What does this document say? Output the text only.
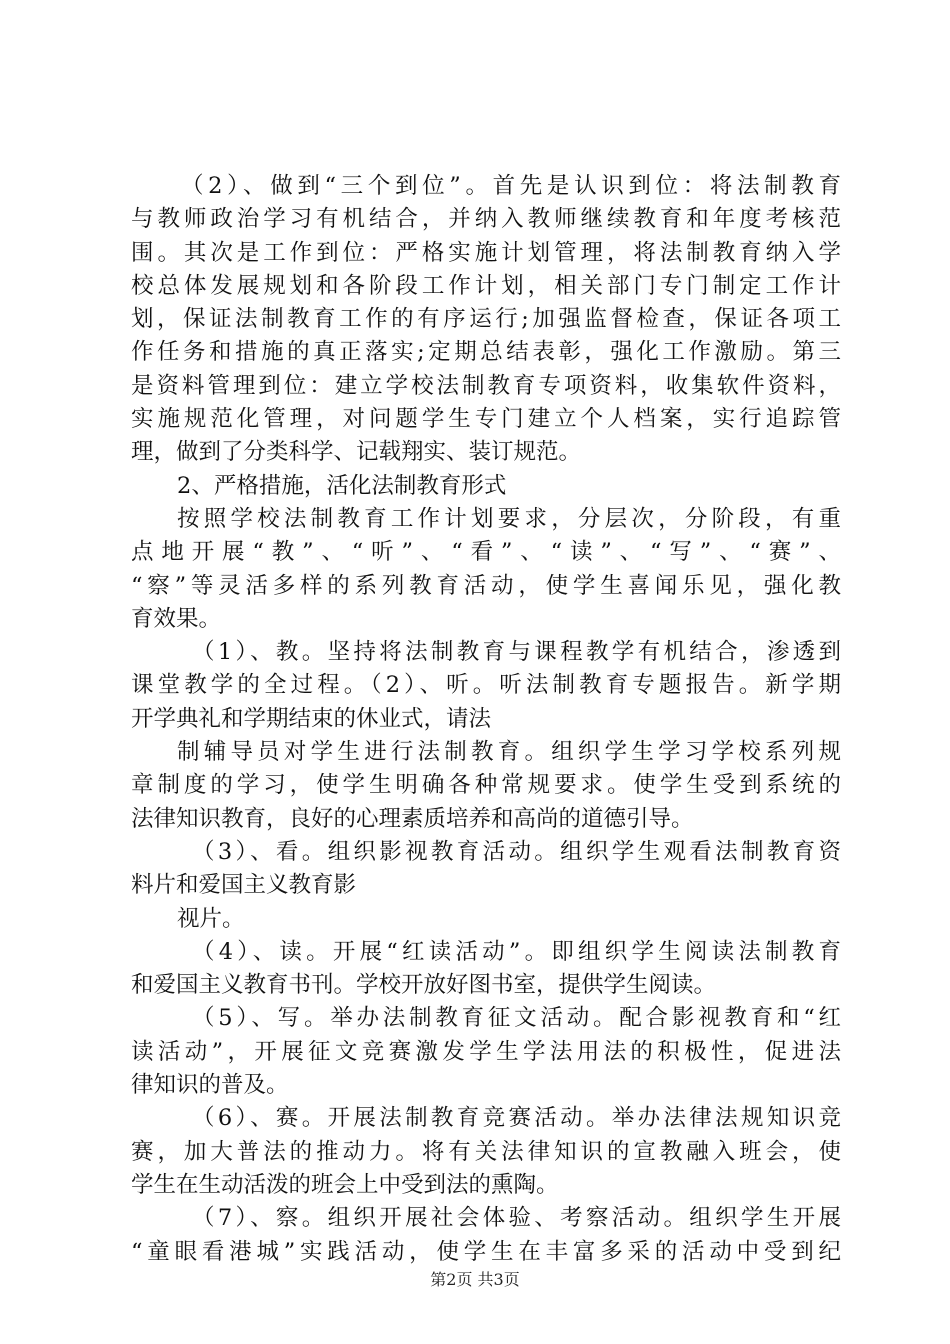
（2）、做到“三个到位”。首先是认识到位：将法制教育
与教师政治学习有机结合，并纳入教师继续教育和年度考核范
围。其次是工作到位：严格实施计划管理，将法制教育纳入学
校总体发展规划和各阶段工作计划，相关部门专门制定工作计
划，保证法制教育工作的有序运行;加强监督检查，保证各项工
作任务和措施的真正落实;定期总结表彰，强化工作激励。第三
是资料管理到位：建立学校法制教育专项资料，收集软件资料，
实施规范化管理，对问题学生专门建立个人档案，实行追踪管
理，做到了分类科学、记载翔实、装订规范。
2、严格措施，活化法制教育形式
按照学校法制教育工作计划要求，分层次，分阶段，有重
点地开展“教”、“听”、“看”、“读”、“写”、“赛”、
“察”等灵活多样的系列教育活动，使学生喜闻乐见，强化教
育效果。
（1）、教。坚持将法制教育与课程教学有机结合，渗透到
课堂教学的全过程。（2）、听。听法制教育专题报告。新学期
开学典礼和学期结束的休业式，请法
制辅导员对学生进行法制教育。组织学生学习学校系列规
章制度的学习，使学生明确各种常规要求。使学生受到系统的
法律知识教育，良好的心理素质培养和高尚的道德引导。
（3）、看。组织影视教育活动。组织学生观看法制教育资
料片和爱国主义教育影
视片。
（4）、读。开展“红读活动”。即组织学生阅读法制教育
和爱国主义教育书刊。学校开放好图书室，提供学生阅读。
（5）、写。举办法制教育征文活动。配合影视教育和“红
读活动”，开展征文竞赛激发学生学法用法的积极性，促进法
律知识的普及。
（6）、赛。开展法制教育竞赛活动。举办法律法规知识竞
赛，加大普法的推动力。将有关法律知识的宣教融入班会，使
学生在生动活泼的班会上中受到法的熏陶。
（7）、察。组织开展社会体验、考察活动。组织学生开展
“童眼看港城”实践活动，使学生在丰富多采的活动中受到纪
第2页 共3页
